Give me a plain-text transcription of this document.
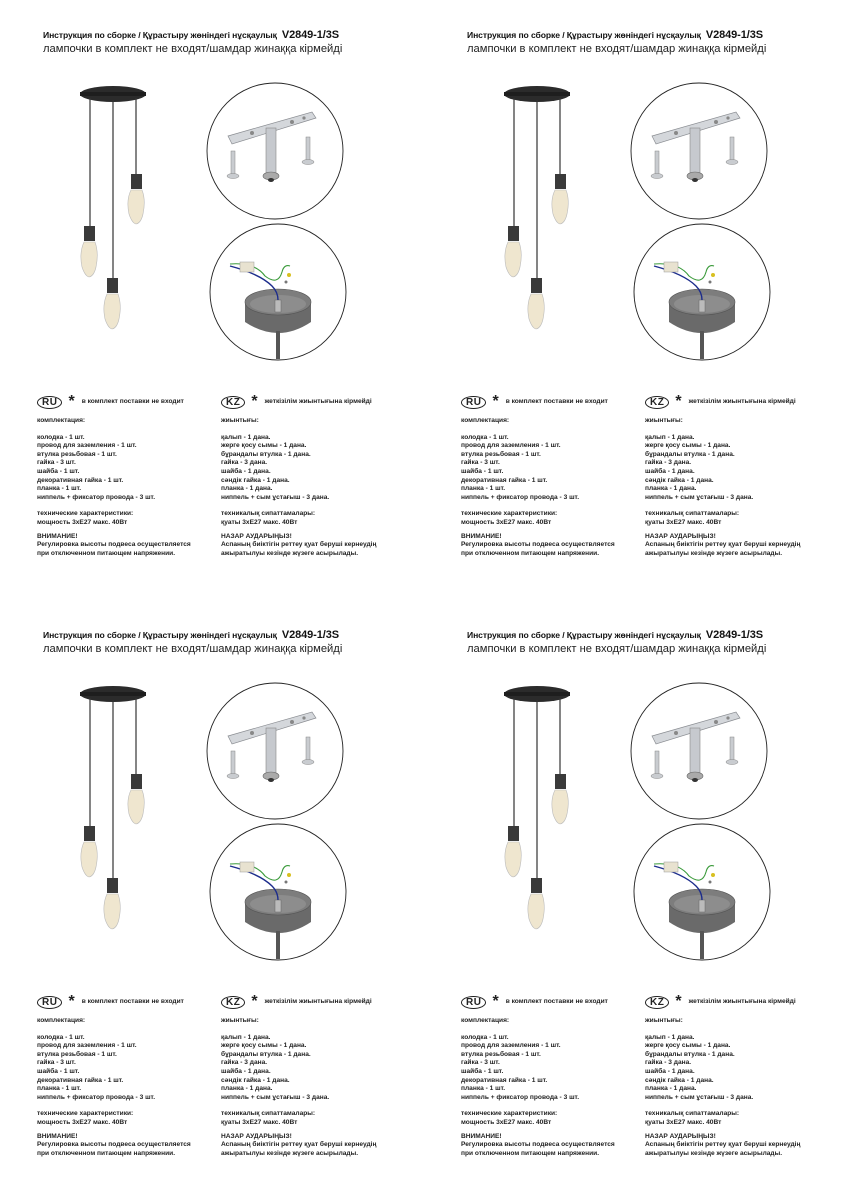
Инструкция по сборке / Құрастыру жөніндегі нұсқаулық V2849-1/3S
лампочки в комплект не входят/шамдар жинаққа кірмейді
RU * в комплект поставки не входит
комплектация:
колодка - 1 шт.
провод для заземления - 1 шт.
втулка резьбовая - 1 шт.
гайка - 3 шт.
шайба - 1 шт.
декоративная гайка - 1 шт.
планка - 1 шт.
ниппель + фиксатор провода - 3 шт.
технические характеристики:
мощность 3xE27 макс. 40Вт
ВНИМАНИЕ!
Регулировка высоты подвеса осуществляется
при отключенном питающем напряжении.
KZ * жеткізілім жиынтығына кірмейді
жиынтығы:
қалып - 1 дана.
жерге қосу сымы - 1 дана.
бұрандалы втулка - 1 дана.
гайка - 3 дана.
шайба - 1 дана.
сәндік гайка - 1 дана.
планка - 1 дана.
ниппель + сым ұстағыш - 3 дана.
техникалық сипаттамалары:
қуаты 3xE27 макс. 40Вт
НАЗАР АУДАРЫҢЫЗ!
Аспаның биіктігін реттеу қуат беруші кернеудің
ажыратылуы кезінде жүзеге асырылады.
Инструкция по сборке / Құрастыру жөніндегі нұсқаулық V2849-1/3S
лампочки в комплект не входят/шамдар жинаққа кірмейді
RU * в комплект поставки не входит
комплектация:
колодка - 1 шт.
провод для заземления - 1 шт.
втулка резьбовая - 1 шт.
гайка - 3 шт.
шайба - 1 шт.
декоративная гайка - 1 шт.
планка - 1 шт.
ниппель + фиксатор провода - 3 шт.
технические характеристики:
мощность 3xE27 макс. 40Вт
ВНИМАНИЕ!
Регулировка высоты подвеса осуществляется
при отключенном питающем напряжении.
KZ * жеткізілім жиынтығына кірмейді
жиынтығы:
қалып - 1 дана.
жерге қосу сымы - 1 дана.
бұрандалы втулка - 1 дана.
гайка - 3 дана.
шайба - 1 дана.
сәндік гайка - 1 дана.
планка - 1 дана.
ниппель + сым ұстағыш - 3 дана.
техникалық сипаттамалары:
қуаты 3xE27 макс. 40Вт
НАЗАР АУДАРЫҢЫЗ!
Аспаның биіктігін реттеу қуат беруші кернеудің
ажыратылуы кезінде жүзеге асырылады.
Инструкция по сборке / Құрастыру жөніндегі нұсқаулық V2849-1/3S
лампочки в комплект не входят/шамдар жинаққа кірмейді
RU * в комплект поставки не входит
комплектация:
колодка - 1 шт.
провод для заземления - 1 шт.
втулка резьбовая - 1 шт.
гайка - 3 шт.
шайба - 1 шт.
декоративная гайка - 1 шт.
планка - 1 шт.
ниппель + фиксатор провода - 3 шт.
технические характеристики:
мощность 3xE27 макс. 40Вт
ВНИМАНИЕ!
Регулировка высоты подвеса осуществляется
при отключенном питающем напряжении.
KZ * жеткізілім жиынтығына кірмейді
жиынтығы:
қалып - 1 дана.
жерге қосу сымы - 1 дана.
бұрандалы втулка - 1 дана.
гайка - 3 дана.
шайба - 1 дана.
сәндік гайка - 1 дана.
планка - 1 дана.
ниппель + сым ұстағыш - 3 дана.
техникалық сипаттамалары:
қуаты 3xE27 макс. 40Вт
НАЗАР АУДАРЫҢЫЗ!
Аспаның биіктігін реттеу қуат беруші кернеудің
ажыратылуы кезінде жүзеге асырылады.
Инструкция по сборке / Құрастыру жөніндегі нұсқаулық V2849-1/3S
лампочки в комплект не входят/шамдар жинаққа кірмейді
RU * в комплект поставки не входит
комплектация:
колодка - 1 шт.
провод для заземления - 1 шт.
втулка резьбовая - 1 шт.
гайка - 3 шт.
шайба - 1 шт.
декоративная гайка - 1 шт.
планка - 1 шт.
ниппель + фиксатор провода - 3 шт.
технические характеристики:
мощность 3xE27 макс. 40Вт
ВНИМАНИЕ!
Регулировка высоты подвеса осуществляется
при отключенном питающем напряжении.
KZ * жеткізілім жиынтығына кірмейді
жиынтығы:
қалып - 1 дана.
жерге қосу сымы - 1 дана.
бұрандалы втулка - 1 дана.
гайка - 3 дана.
шайба - 1 дана.
сәндік гайка - 1 дана.
планка - 1 дана.
ниппель + сым ұстағыш - 3 дана.
техникалық сипаттамалары:
қуаты 3xE27 макс. 40Вт
НАЗАР АУДАРЫҢЫЗ!
Аспаның биіктігін реттеу қуат беруші кернеудің
ажыратылуы кезінде жүзеге асырылады.
